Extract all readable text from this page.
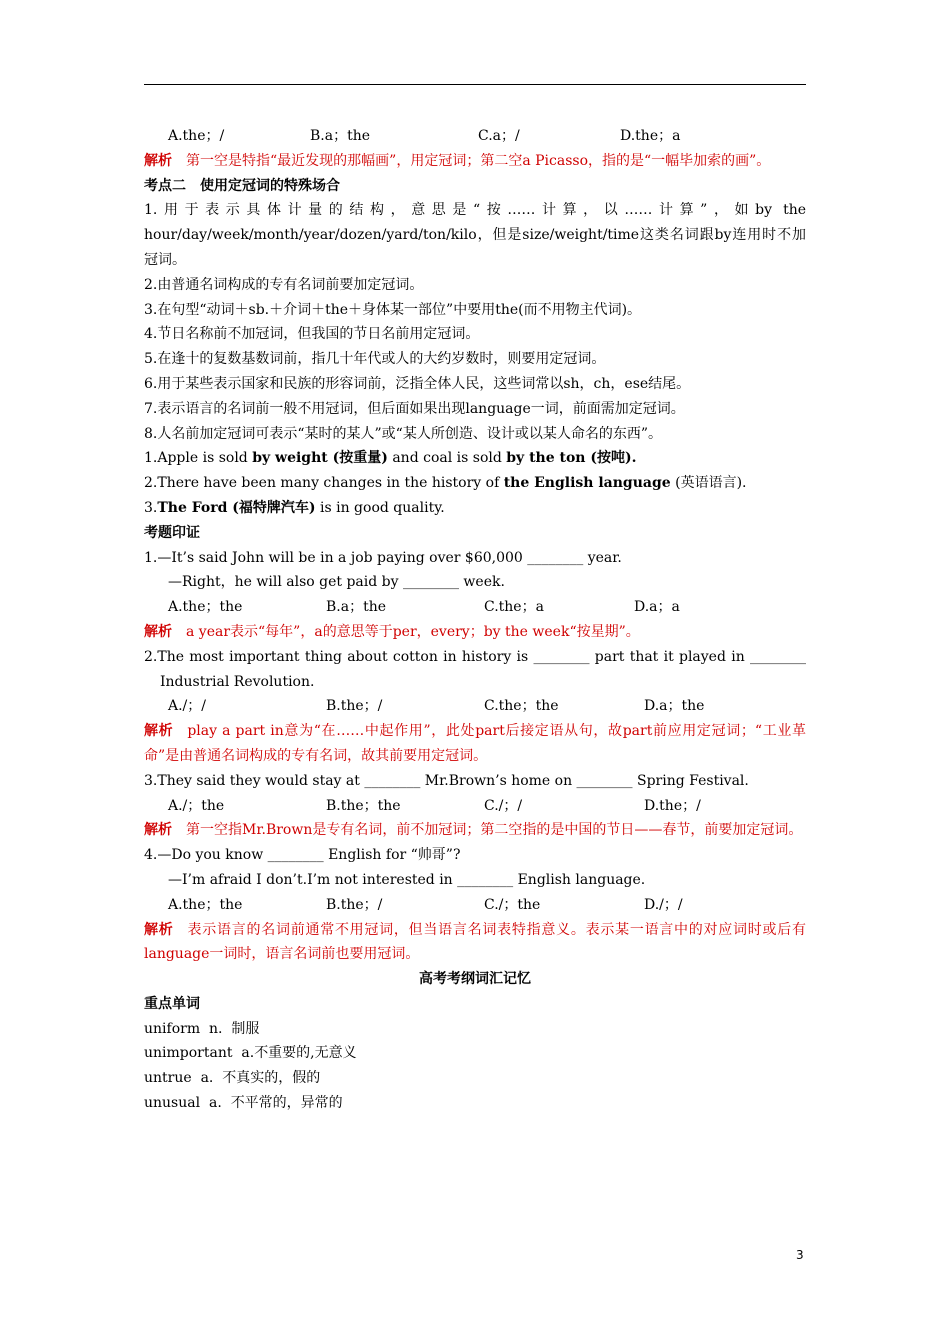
A.the；/	B.a；the	C.a；/	D.the；a

解析 第一空是特指“最近发现的那幅画”，用定冠词；第二空a Picasso，指的是“一幅毕加索的画”。

考点二　使用定冠词的特殊场合

1.用于表示具体计量的结构，意思是“按……计算，以……计算”，如by the hour/day/week/month/year/dozen/yard/ton/kilo，但是size/weight/time这类名词跟by连用时不加冠词。

2.由普通名词构成的专有名词前要加定冠词。

3.在句型“动词＋sb.＋介词＋the＋身体某一部位”中要用the(而不用物主代词)。

4.节日名称前不加冠词，但我国的节日名前用定冠词。

5.在逢十的复数基数词前，指几十年代或人的大约岁数时，则要用定冠词。

6.用于某些表示国家和民族的形容词前，泛指全体人民，这些词常以sh，ch，ese结尾。

7.表示语言的名词前一般不用冠词，但后面如果出现language一词，前面需加定冠词。

8.人名前加定冠词可表示“某时的某人”或“某人所创造、设计或以某人命名的东西”。

1.Apple is sold by weight (按重量) and coal is sold by the ton (按吨).

2.There have been many changes in the history of the English language (英语语言).

3.The Ford (福特牌汽车) is in good quality.

考题印证

1.—It’s said John will be in a job paying over $60,000 ________ year.

—Right，he will also get paid by ________ week.

A.the；the	B.a；the	C.the；a	D.a；a

解析 a year表示“每年”，a的意思等于per，every；by the week“按星期”。

2.The most important thing about cotton in history is ________ part that it played in ________ Industrial Revolution.

A./；/	B.the；/	C.the；the	D.a；the

解析 play a part in意为“在……中起作用”，此处part后接定语从句，故part前应用定冠词；“工业革命”是由普通名词构成的专有名词，故其前要用定冠词。

3.They said they would stay at ________ Mr.Brown’s home on ________ Spring Festival.

A./；the	B.the；the	C./；/	D.the；/

解析 第一空指Mr.Brown是专有名词，前不加冠词；第二空指的是中国的节日——春节，前要加定冠词。

4.—Do you know ________ English for “帅哥”?

—I’m afraid I don’t.I’m not interested in ________ English language.

A.the；the	B.the；/	C./；the	D./；/

解析 表示语言的名词前通常不用冠词，但当语言名词表特指意义。表示某一语言中的对应词时或后有language一词时，语言名词前也要用冠词。

高考考纲词汇记忆

重点单词

uniform n. 制服

unimportant a.不重要的,无意义

untrue a. 不真实的，假的

unusual a. 不平常的，异常的

3
